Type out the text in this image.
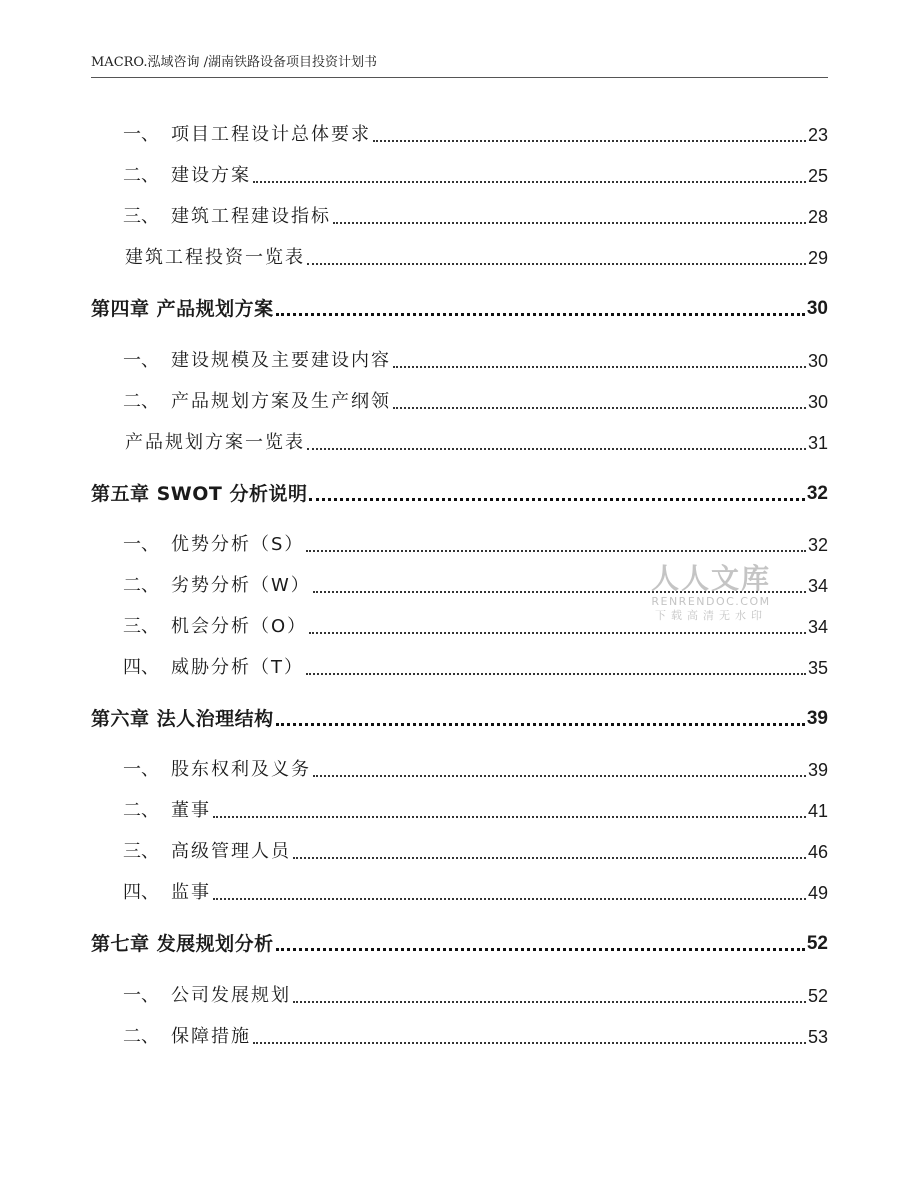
MACRO.泓域咨询 /湖南铁路设备项目投资计划书
一、 项目工程设计总体要求	23
二、 建设方案	25
三、 建筑工程建设指标	28
建筑工程投资一览表	29
第四章 产品规划方案	30
一、 建设规模及主要建设内容	30
二、 产品规划方案及生产纲领	30
产品规划方案一览表	31
第五章 SWOT 分析说明	32
一、 优势分析（S）	32
二、 劣势分析（W）	34
三、 机会分析（O）	34
四、 威胁分析（T）	35
第六章 法人治理结构	39
一、 股东权利及义务	39
二、 董事	41
三、 高级管理人员	46
四、 监事	49
第七章 发展规划分析	52
一、 公司发展规划	52
二、 保障措施	53
人人文库
RENRENDOC.COM
下载高清无水印
